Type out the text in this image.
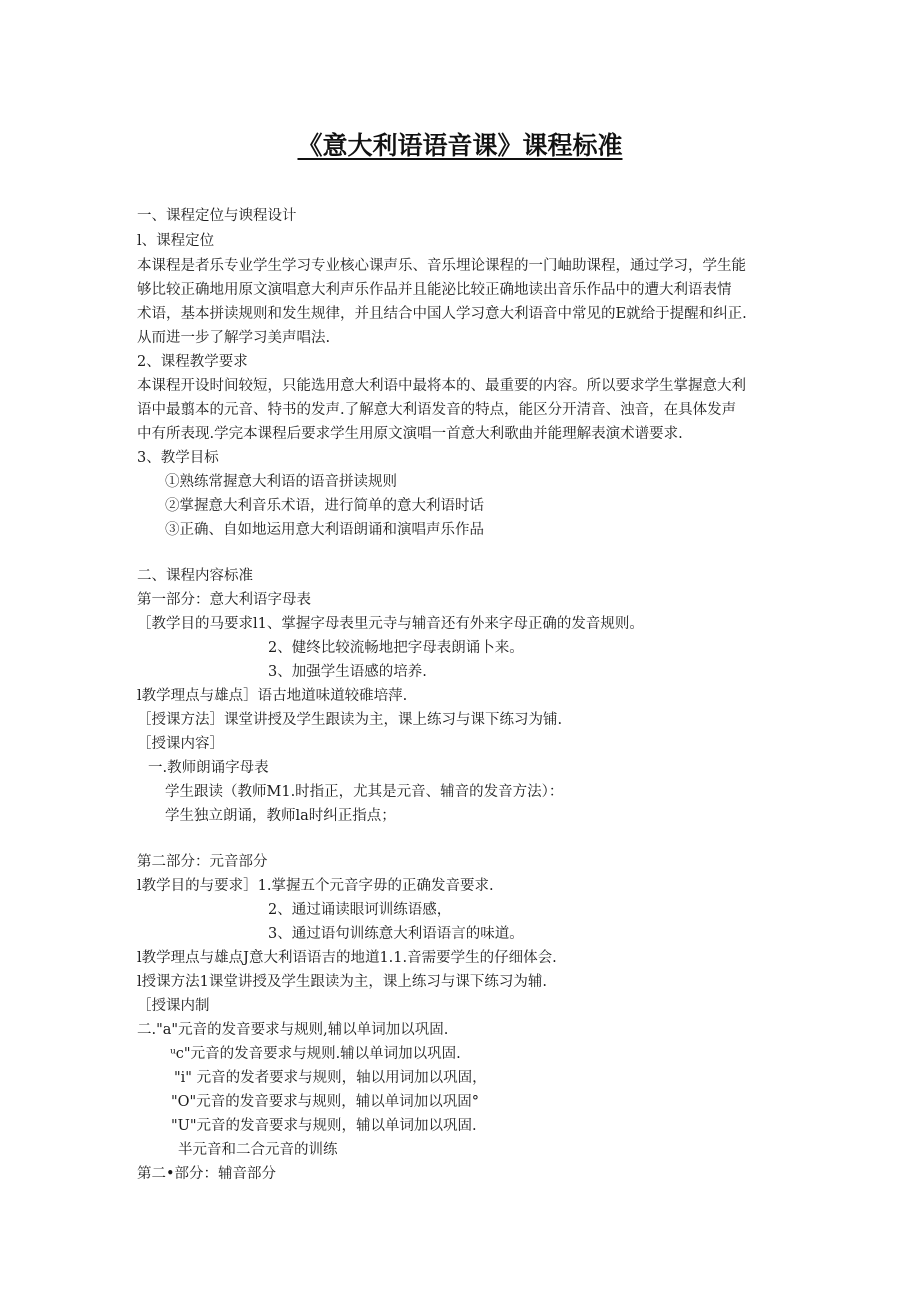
《意大利语语音课》课程标准
一、课程定位与谀程设计
l、课程定位
本课程是者乐专业学生学习专业核心课声乐、音乐埋论课程的一门岫助课程，通过学习，学生能
够比较正确地用原文演唱意大利声乐作品并且能泌比较正确地读出音乐作品中的遭大利语表情
术语，基本拼读规则和发生规律，并且结合中国人学习意大利语音中常见的E就给于提醒和纠正.
从而进一步了解学习美声唱法.
2、课程教学要求
本课程开设时间较短，只能选用意大利语中最将本的、最重要的内容。所以要求学生掌握意大利
语中最翦本的元音、特书的发声.了解意大利语发音的特点，能区分开清音、浊音，在具体发声
中有所表现.学完本课程后要求学生用原文演唱一首意大利歌曲并能理解表演术谱要求.
3、教学目标
①熟练常握意大利语的语音拼读规则
②掌握意大利音乐术语，进行简单的意大利语时话
③正确、自如地运用意大利语朗诵和演唱声乐作品
二、课程内容标准
第一部分：意大利语字母表
［教学目的马要求l1、掌握字母表里元寺与辅音还有外来字母正确的发音规则。
2、健终比较流畅地把字母表朗诵卜来。
3、加强学生语感的培养.
l教学理点与雄点］语古地道味道较碓培萍.
［授课方法］课堂讲授及学生跟读为主，课上练习与课下练习为铺.
［授课内容］
一.教师朗诵字母表
学生跟读（教师M1.时指正，尤其是元音、辅音的发音方法）：
学生独立朗诵，教师la时纠正指点；
第二部分：元音部分
l教学目的与要求］1.掌握五个元音字毋的正确发音要求.
2、通过诵读眼诃训练语感，
3、通过语句训练意大利语语言的味道。
l教学理点与雄点J意大利语语吉的地道1.1.音需要学生的仔细体会.
l授课方法1课堂讲授及学生跟读为主，课上练习与课下练习为辅.
［授课内制
二."a"元音的发音要求与规则,辅以单词加以巩固.
ᵘc"元音的发音要求与规则.辅以单词加以巩固.
"i" 元音的发者要求与规则，轴以用词加以巩固，
"O"元音的发音要求与规则，辅以单词加以巩固°
"U"元音的发音要求与规则，辅以单词加以巩固.
半元音和二合元音的训练
第二•部分：辅音部分
